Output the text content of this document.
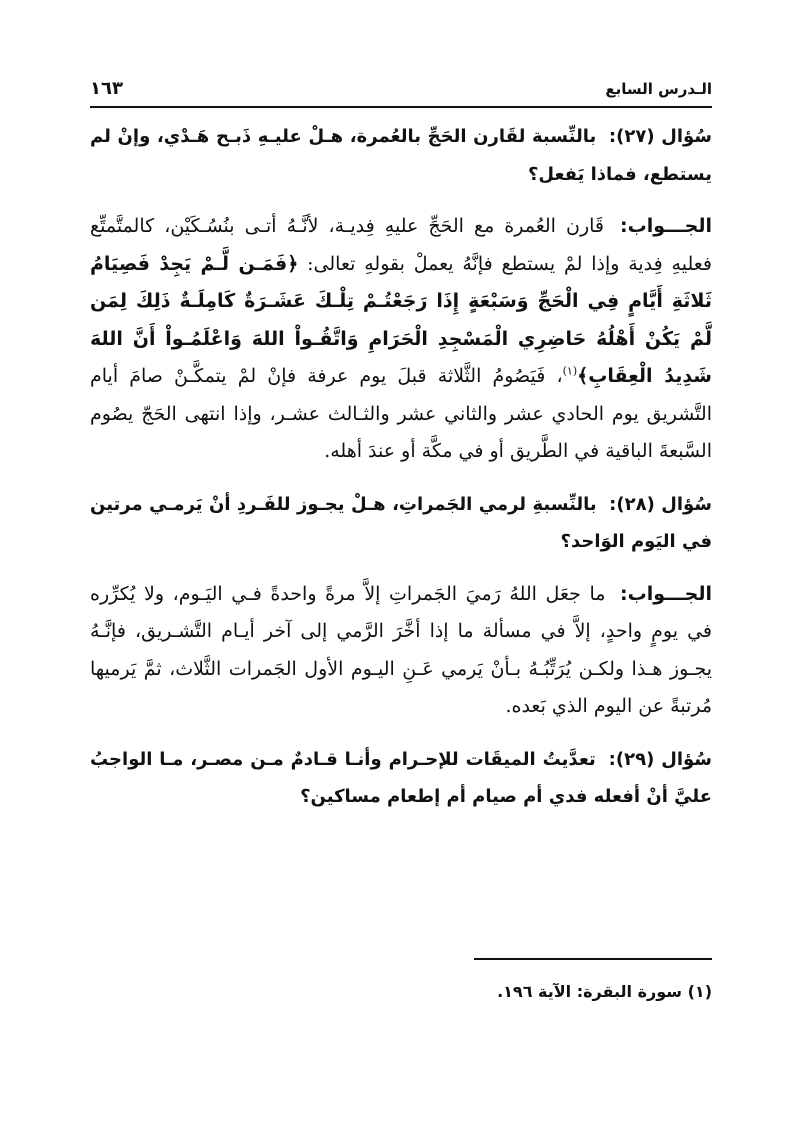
الـدرس السابع
١٦٣

سُؤال (٢٧): بالنِّسبة لقَارن الحَجِّ بالعُمرة، هـلْ عليـهِ ذَبـح هَـدْي، وإنْ لم يستطع، فماذا يَفعل؟

الجـــواب: قَارن العُمرة مع الحَجِّ عليهِ فِديـة، لأنَّـهُ أتـى بنُسُـكَيْن، كالمتَّمتِّع فعليهِ فِدية وإذا لمْ يستطع فإنَّهُ يعملْ بقولهِ تعالى: ﴿فَمَـن لَّـمْ يَجِدْ فَصِيَامُ ثَلاثَةِ أَيَّامٍ فِي الْحَجِّ وَسَبْعَةٍ إِذَا رَجَعْتُـمْ تِلْـكَ عَشَـرَةٌ كَامِلَـةٌ ذَلِكَ لِمَن لَّمْ يَكُنْ أَهْلُهُ حَاضِرِي الْمَسْجِدِ الْحَرَامِ وَاتَّقُـواْ اللهَ وَاعْلَمُـواْ أَنَّ اللهَ شَدِيدُ الْعِقَابِ﴾$^{(١)}$، فَيَصُومُ الثَّلاثة قبلَ يوم عرفة فإنْ لمْ يتمكَّـنْ صامَ أيام التَّشريق يوم الحادي عشر والثاني عشر والثـالث عشـر، وإذا انتهى الحَجّ يصُوم السَّبعةَ الباقية في الطَّريق أو في مكَّة أو عندَ أهله.

سُؤال (٢٨): بالنِّسبةِ لرمي الجَمراتِ، هـلْ يجـوز للفَـردِ أنْ يَرمـي مرتين في اليَوم الوَاحد؟

الجـــواب: ما جعَل اللهُ رَميَ الجَمراتِ إلاَّ مرةً واحدةً فـي اليَـوم، ولا يُكرِّره في يومٍ واحدٍ، إلاَّ في مسألة ما إذا أخَّرَ الرَّمي إلى آخر أيـام التَّشـريق، فإنَّـهُ يجـوز هـذا ولكـن يُرَتِّبُـهُ بـأنْ يَرمي عَـنِ اليـوم الأول الجَمرات الثَّلاث، ثمَّ يَرميها مُرتبةً عن اليوم الذي بَعده.

سُؤال (٢٩): تعدَّيتُ الميقَات للإحـرام وأنـا قـادمٌ مـن مصـر، مـا الواجبُ عليَّ أنْ أفعله فدي أم صيام أم إطعام مساكين؟

(١) سورة البقرة: الآية ١٩٦.
